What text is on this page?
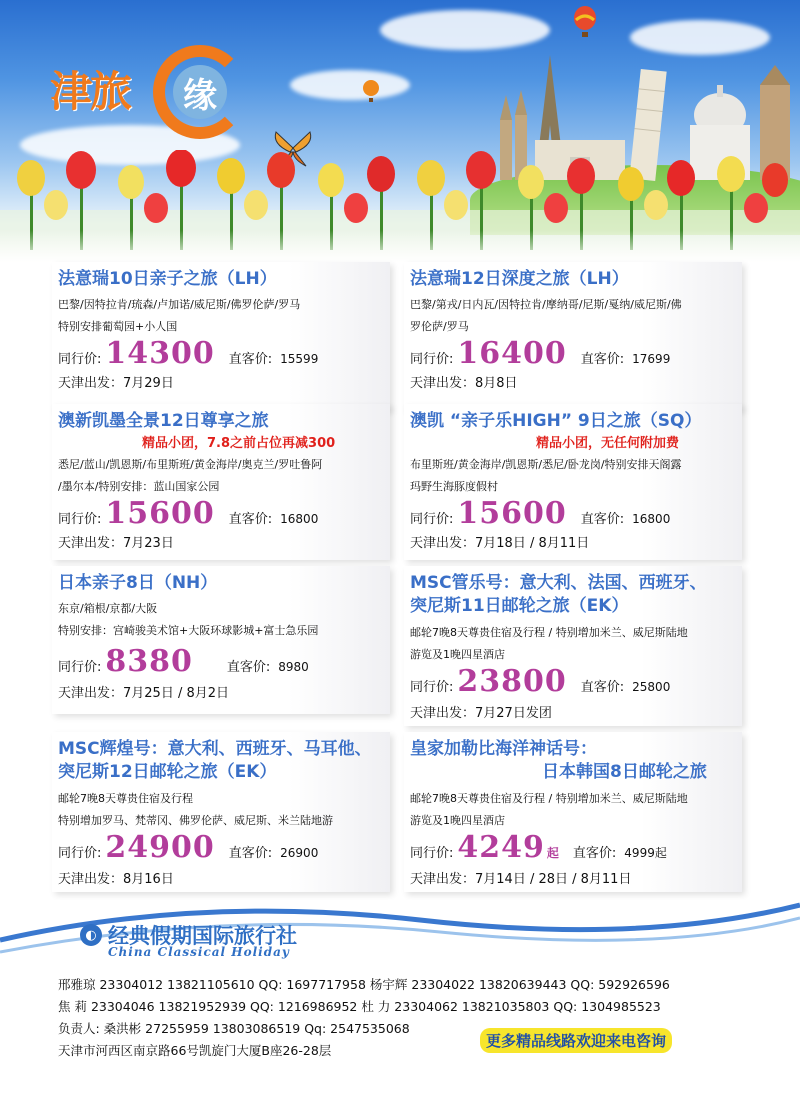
津旅 缘
法意瑞10日亲子之旅（LH）
巴黎/因特拉肯/琉森/卢加诺/威尼斯/佛罗伦萨/罗马
特别安排葡萄园+小人国
同行价: 14300 直客价: 15599
天津出发：7月29日
法意瑞12日深度之旅（LH）
巴黎/第戎/日内瓦/因特拉肯/摩纳哥/尼斯/戛纳/威尼斯/佛
罗伦萨/罗马
同行价: 16400 直客价: 17699
天津出发：8月8日
澳新凯墨全景12日尊享之旅
精品小团，7.8之前占位再减300
悉尼/蓝山/凯恩斯/布里斯班/黄金海岸/奥克兰/罗吐鲁阿
/墨尔本/特别安排：蓝山国家公园
同行价: 15600 直客价: 16800
天津出发：7月23日
澳凯 “亲子乐HIGH” 9日之旅（SQ）
精品小团，无任何附加费
布里斯班/黄金海岸/凯恩斯/悉尼/卧龙岗/特别安排天阁露
玛野生海豚度假村
同行价: 15600 直客价: 16800
天津出发：7月18日 / 8月11日
日本亲子8日（NH）
东京/箱根/京都/大阪
特别安排：宫崎骏美术馆+大阪环球影城+富士急乐园
同行价: 8380	直客价: 8980
天津出发：7月25日 / 8月2日
MSC管乐号：意大利、法国、西班牙、
突尼斯11日邮轮之旅（EK）
邮轮7晚8天尊贵住宿及行程 / 特别增加米兰、威尼斯陆地
游览及1晚四星酒店
同行价: 23800 直客价: 25800
天津出发：7月27日发团
MSC辉煌号：意大利、西班牙、马耳他、
突尼斯12日邮轮之旅（EK）
邮轮7晚8天尊贵住宿及行程
特别增加罗马、梵蒂冈、佛罗伦萨、威尼斯、米兰陆地游
同行价: 24900 直客价: 26900
天津出发：8月16日
皇家加勒比海洋神话号：
日本韩国8日邮轮之旅
邮轮7晚8天尊贵住宿及行程 / 特别增加米兰、威尼斯陆地
游览及1晚四星酒店
同行价: 4249 起 直客价: 4999起
天津出发：7月14日 / 28日 / 8月11日
◐ 经典假期国际旅行社
China Classical Holiday
邢雅琼 23304012 13821105610 QQ: 1697717958 杨宇辉 23304022 13820639443 QQ: 592926596
焦 莉 23304046 13821952939 QQ: 1216986952 杜 力 23304062 13821035803 QQ: 1304985523
负责人: 桑洪彬 27255959 13803086519 Qq: 2547535068
天津市河西区南京路66号凯旋门大厦B座26-28层
更多精品线路欢迎来电咨询
